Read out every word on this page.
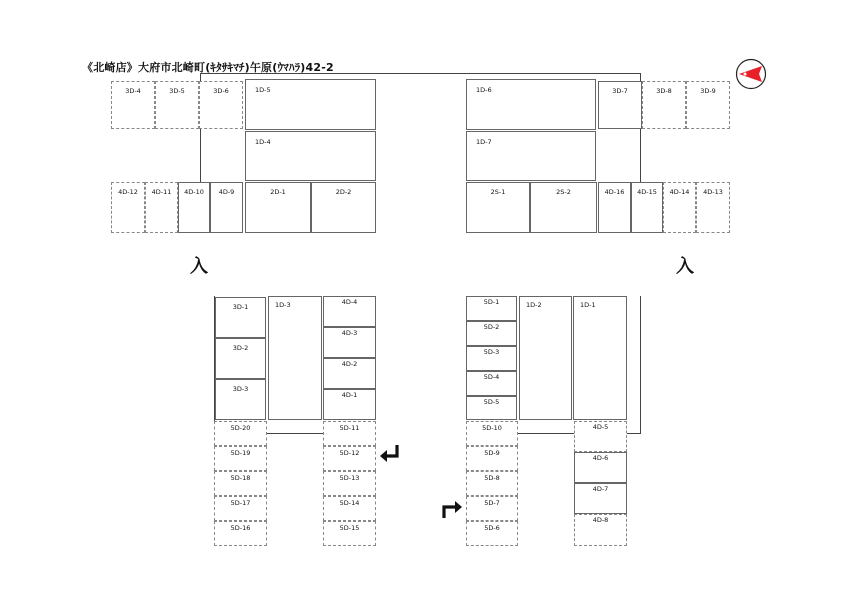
《北崎店》大府市北崎町(ｷﾀｻｷﾏﾁ)午原(ｳﾏﾊﾗ)42-2
3D-4	3D-5	3D-6	1D-5
1D-4
4D-12	4D-11	4D-10	4D-9	2D-1	2D-2
1D-6
1D-7
3D-7	3D-8	3D-9
2S-1	2S-2	4D-16	4D-15	4D-14	4D-13
入	入
3D-1
3D-2
3D-3
1D-3	4D-4
4D-3
4D-2
4D-1
5D-20
5D-19
5D-18
5D-17
5D-16
5D-11
5D-12
5D-13
5D-14
5D-15
5D-1
5D-2
5D-3
5D-4
5D-5
1D-2	1D-1
5D-10
5D-9
5D-8
5D-7
5D-6
4D-5
4D-6
4D-7
4D-8
